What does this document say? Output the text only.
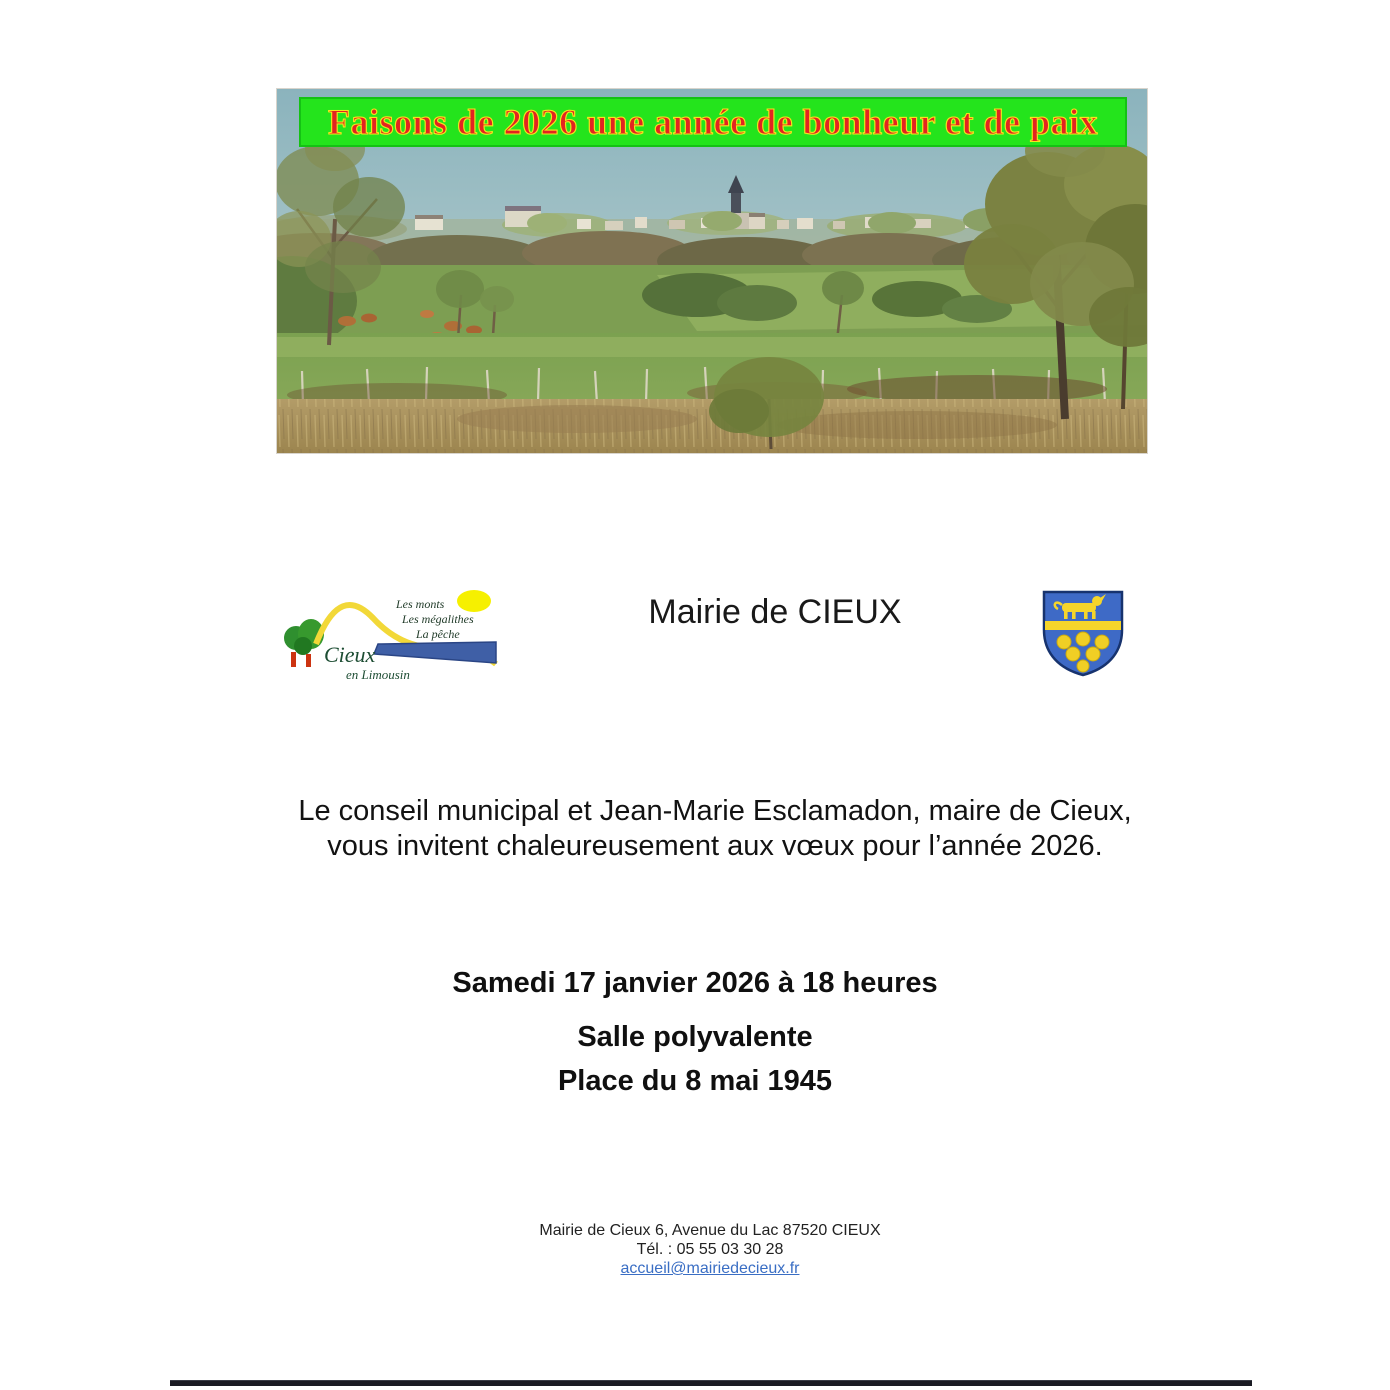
Faisons de 2026 une année de bonheur et de paix
Les monts
Les mégalithes
La pêche
Cieux
en Limousin
Mairie de CIEUX
Le conseil municipal et Jean-Marie Esclamadon, maire de Cieux,
vous invitent chaleureusement aux vœux pour l’année 2026.
Samedi 17 janvier 2026 à 18 heures
Salle polyvalente
Place du 8 mai 1945
Mairie de Cieux 6, Avenue du Lac 87520 CIEUX
Tél. : 05 55 03 30 28
accueil@mairiedecieux.fr
